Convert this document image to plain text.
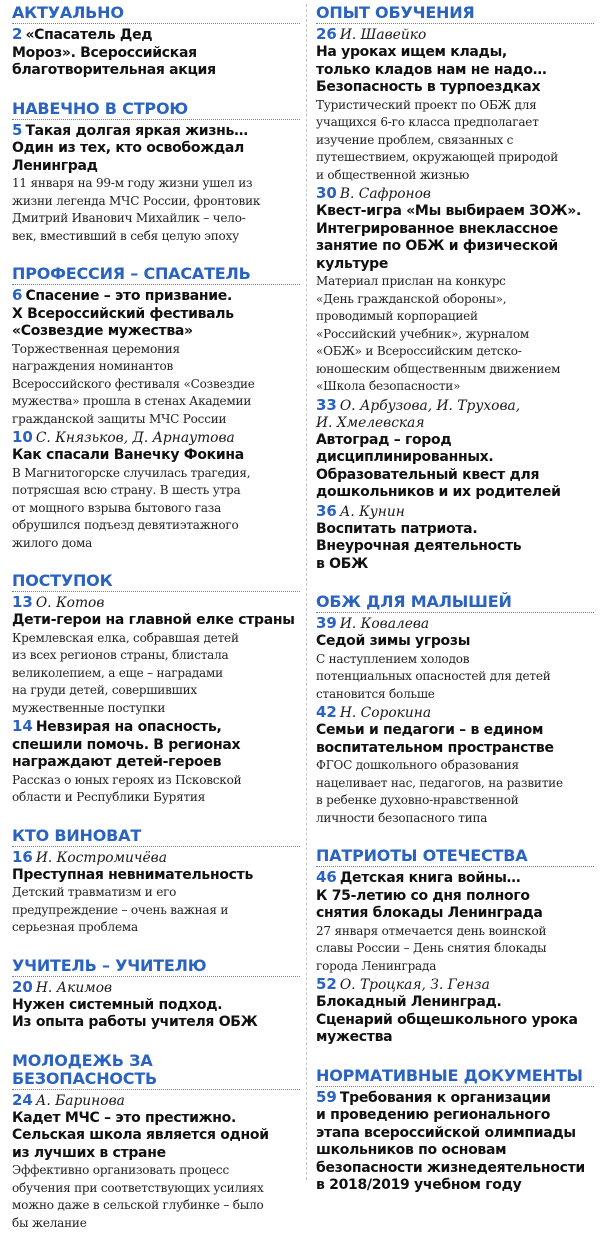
АКТУАЛЬНО
2 «Спасатель Дед
Мороз». Всероссийская
благотворительная акция
НАВЕЧНО В СТРОЮ
5 Такая долгая яркая жизнь…
Один из тех, кто освобождал
Ленинград
11 января на 99-м году жизни ушел из
жизни легенда МЧС России, фронтовик
Дмитрий Иванович Михайлик – чело-
век, вместивший в себя целую эпоху
ПРОФЕССИЯ – СПАСАТЕЛЬ
6 Спасение – это призвание.
X Всероссийский фестиваль
«Созвездие мужества»
Торжественная церемония
награждения номинантов
Всероссийского фестиваля «Созвездие
мужества» прошла в стенах Академии
гражданской защиты МЧС России
10 С. Князьков, Д. Арнаутова
Как спасали Ванечку Фокина
В Магнитогорске случилась трагедия,
потрясшая всю страну. В шесть утра
от мощного взрыва бытового газа
обрушился подъезд девятиэтажного
жилого дома
ПОСТУПОК
13 О. Котов
Дети-герои на главной елке страны
Кремлевская елка, собравшая детей
из всех регионов страны, блистала
великолепием, а еще – наградами
на груди детей, совершивших
мужественные поступки
14 Невзирая на опасность,
спешили помочь. В регионах
награждают детей-героев
Рассказ о юных героях из Псковской
области и Республики Бурятия
КТО ВИНОВАТ
16 И. Костромичёва
Преступная невнимательность
Детский травматизм и его
предупреждение – очень важная и
серьезная проблема
УЧИТЕЛЬ – УЧИТЕЛЮ
20 Н. Акимов
Нужен системный подход.
Из опыта работы учителя ОБЖ
МОЛОДЕЖЬ ЗА БЕЗОПАСНОСТЬ
24 А. Баринова
Кадет МЧС – это престижно.
Сельская школа является одной
из лучших в стране
Эффективно организовать процесс
обучения при соответствующих усилиях
можно даже в сельской глубинке – было
бы желание
ОПЫТ ОБУЧЕНИЯ
26 И. Шавейко
На уроках ищем клады,
только кладов нам не надо…
Безопасность в турпоездках
Туристический проект по ОБЖ для
учащихся 6-го класса предполагает
изучение проблем, связанных с
путешествием, окружающей природой
и общественной жизнью
30 В. Сафронов
Квест-игра «Мы выбираем ЗОЖ».
Интегрированное внеклассное
занятие по ОБЖ и физической
культуре
Материал прислан на конкурс
«День гражданской обороны»,
проводимый корпорацией
«Российский учебник», журналом
«ОБЖ» и Всероссийским детско-
юношеским общественным движением
«Школа безопасности»
33 О. Арбузова, И. Трухова,
И. Хмелевская
Автоград – город
дисциплинированных.
Образовательный квест для
дошкольников и их родителей
36 А. Кунин
Воспитать патриота.
Внеурочная деятельность
в ОБЖ
ОБЖ ДЛЯ МАЛЫШЕЙ
39 И. Ковалева
Седой зимы угрозы
С наступлением холодов
потенциальных опасностей для детей
становится больше
42 Н. Сорокина
Семьи и педагоги – в едином
воспитательном пространстве
ФГОС дошкольного образования
нацеливает нас, педагогов, на развитие
в ребенке духовно-нравственной
личности безопасного типа
ПАТРИОТЫ ОТЕЧЕСТВА
46 Детская книга войны…
К 75-летию со дня полного
снятия блокады Ленинграда
27 января отмечается день воинской
славы России – День снятия блокады
города Ленинграда
52 О. Троцкая, З. Генза
Блокадный Ленинград.
Сценарий общешкольного урока
мужества
НОРМАТИВНЫЕ ДОКУМЕНТЫ
59 Требования к организации
и проведению регионального
этапа всероссийской олимпиады
школьников по основам
безопасности жизнедеятельности
в 2018/2019 учебном году
